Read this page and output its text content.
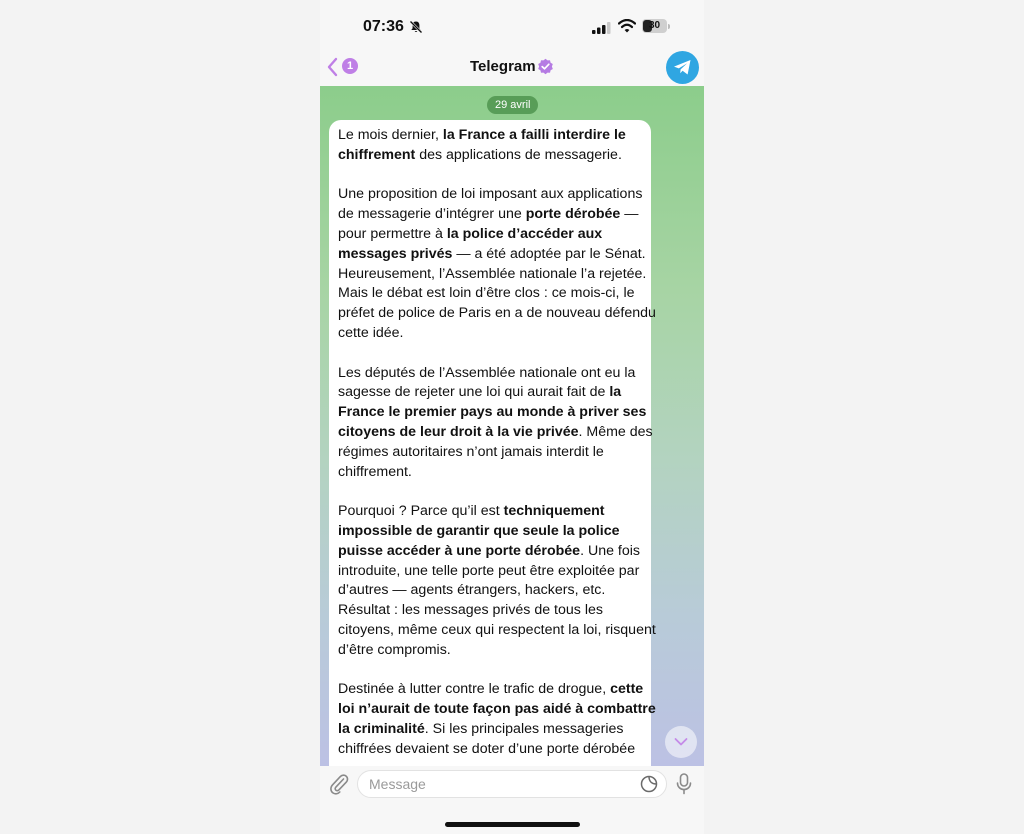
07:36	30
1	Telegram
29 avril

Le mois dernier, la France a failli interdire le chiffrement des applications de messagerie.

Une proposition de loi imposant aux applications de messagerie d’intégrer une porte dérobée — pour permettre à la police d’accéder aux messages privés — a été adoptée par le Sénat. Heureusement, l’Assemblée nationale l’a rejetée. Mais le débat est loin d’être clos : ce mois-ci, le préfet de police de Paris en a de nouveau défendu cette idée.

Les députés de l’Assemblée nationale ont eu la sagesse de rejeter une loi qui aurait fait de la France le premier pays au monde à priver ses citoyens de leur droit à la vie privée. Même des régimes autoritaires n’ont jamais interdit le chiffrement.

Pourquoi ? Parce qu’il est techniquement impossible de garantir que seule la police puisse accéder à une porte dérobée. Une fois introduite, une telle porte peut être exploitée par d’autres — agents étrangers, hackers, etc. Résultat : les messages privés de tous les citoyens, même ceux qui respectent la loi, risquent d’être compromis.

Destinée à lutter contre le trafic de drogue, cette loi n’aurait de toute façon pas aidé à combattre la criminalité. Si les principales messageries chiffrées devaient se doter d’une porte dérobée

Message
